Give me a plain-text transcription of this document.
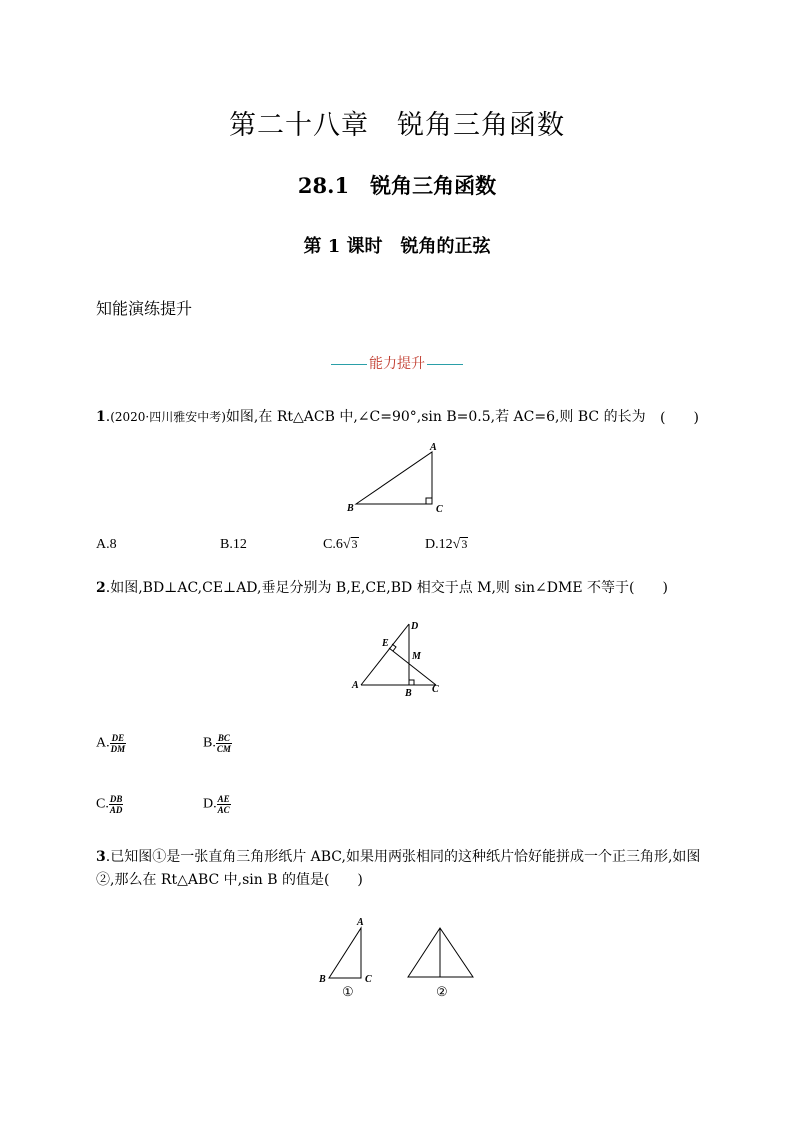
第二十八章　锐角三角函数
28.1　锐角三角函数
第 1 课时　锐角的正弦
知能演练提升
能力提升
1.(2020·四川雅安中考)如图,在 Rt△ACB 中,∠C=90°,sin B=0.5,若 AC=6,则 BC 的长为	(　　)
A
B	C
A.8	B.12	C.6√3	D.12√3
2.如图,BD⊥AC,CE⊥AD,垂足分别为 B,E,CE,BD 相交于点 M,则 sin∠DME 不等于(　　)
D
E
M
A
B C
A. $\frac{DE}{DM}$	B. $\frac{BC}{CM}$
C. $\frac{DB}{AD}$	D. $\frac{AE}{AC}$
3.已知图①是一张直角三角形纸片 ABC,如果用两张相同的这种纸片恰好能拼成一个正三角形,如图
②,那么在 Rt△ABC 中,sin B 的值是(　　)
A
B	C
①	②
